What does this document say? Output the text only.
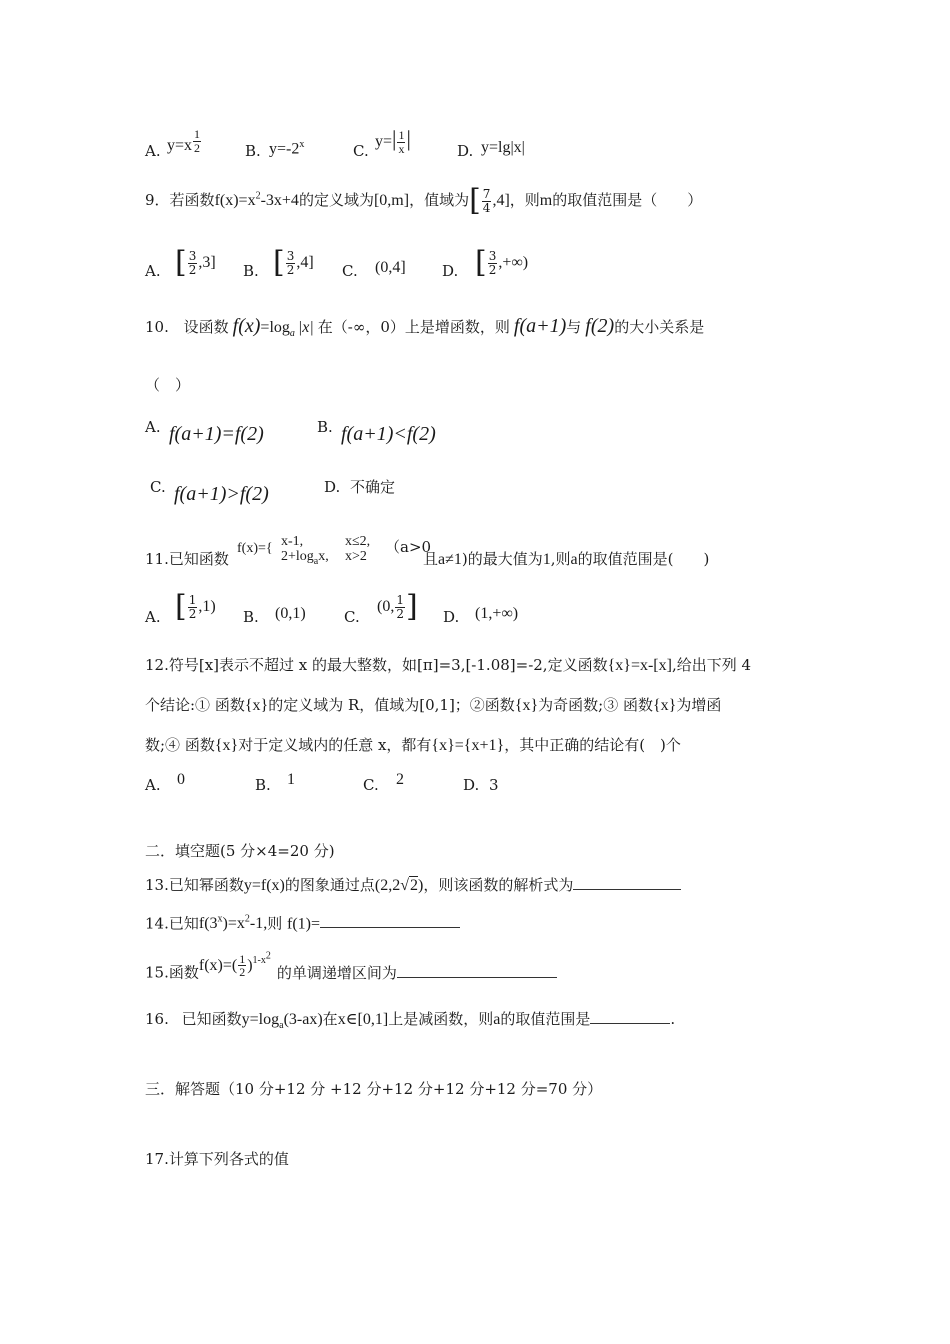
A. $y=x \frac{1}{2}$	B. $y=-2^x$	C.
$y=| \frac{1}{x}$ |	D. y=lg|x|
9．若函数$f(x)=x^2-3x+4$的定义域为[0,m]，值域为[ $\frac{7}{4} ,4$]，则m的取值范围是（　　）
A. [ $\frac{3}{2} ,3$] B. [ $\frac{3}{2} ,4$] C. (0,4] D. [ $\frac{3}{2}$ ,+∞)
10. 设函数 $f(x)=\log_a$ |x| 在（-∞，0）上是增函数，则 f(a+1)与 f(2)的大小关系是
（　）
A. f(a+1)=f(2)	B. f(a+1)<f(2)
C. f(a+1)>f(2)	D. 不确定
11.已知函数
f(x)={ x-1,
$2+\log_ax$,
x≤2,
x>2
（a>0
且a≠1)的最大值为1,则a的取值范围是(　　)
A. [ $\frac{1}{2} ,1$)
B. (0,1)	C.
(0, $\frac{1}{2}$ ] D. (1,+∞)
12.符号[x]表示不超过 x 的最大整数，如[π]=3,[-1.08]=-2,定义函数{x}=x-[x],给出下列 4
个结论:① 函数{x}的定义域为 R，值域为[0,1]；②函数{x}为奇函数;③ 函数{x}为增函
数;④ 函数{x}对于定义域内的任意 x，都有{x}={x+1}，其中正确的结论有(　)个
A. 0	B. 1	C. 2	D. 3
二．填空题(5 分×4=20 分)
13.已知幂函数y=f(x)的图象通过点(2,2√2)，则该函数的解析式为
14.已知$f(3^x)=x^2-1$,则 f(1)=
15.函数$f(x)=( \frac{1}{2} )^{1-x^2}$的单调递增区间为
16. 已知函数$y=\log_a(3-ax)$在x∈[0,1]上是减函数，则a的取值范围是	.
三．解答题（10 分+12 分 +12 分+12 分+12 分+12 分=70 分）
17.计算下列各式的值
